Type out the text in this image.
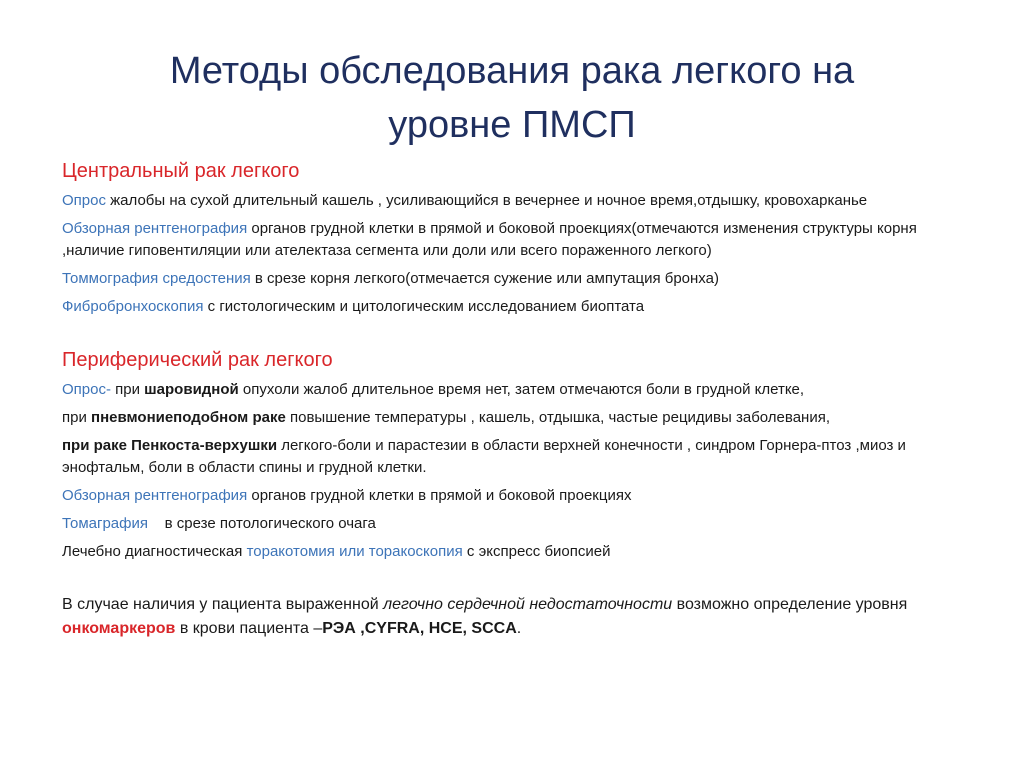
Методы обследования рака легкого на
уровне ПМСП
Центральный рак легкого
Опрос жалобы на сухой длительный кашель , усиливающийся в вечернее и ночное время,отдышку, кровохарканье
Обзорная рентгенография органов грудной клетки в прямой и боковой проекциях(отмечаются изменения структуры корня ,наличие гиповентиляции или ателектаза сегмента или доли или всего пораженного легкого)
Томмография средостения в срезе корня легкого(отмечается сужение или ампутация бронха)
Фибробронхоскопия с гистологическим и цитологическим исследованием биоптата
Периферический рак легкого
Опрос- при шаровидной опухоли жалоб длительное время нет, затем отмечаются боли в грудной клетке,
при пневмониеподобном раке повышение температуры , кашель, отдышка, частые рецидивы заболевания,
при раке Пенкоста-верхушки легкого-боли и парастезии в области верхней конечности , синдром Горнера-птоз ,миоз и энофтальм, боли в области спины и грудной клетки.
Обзорная рентгенография органов грудной клетки в прямой и боковой проекциях
Томаграфия    в срезе потологического очага
Лечебно диагностическая торакотомия или торакоскопия с экспресс биопсией
В случае наличия у пациента выраженной легочно сердечной недостаточности возможно определение уровня онкомаркеров в крови пациента –РЭА ,CYFRA, НСЕ, SCCA.
